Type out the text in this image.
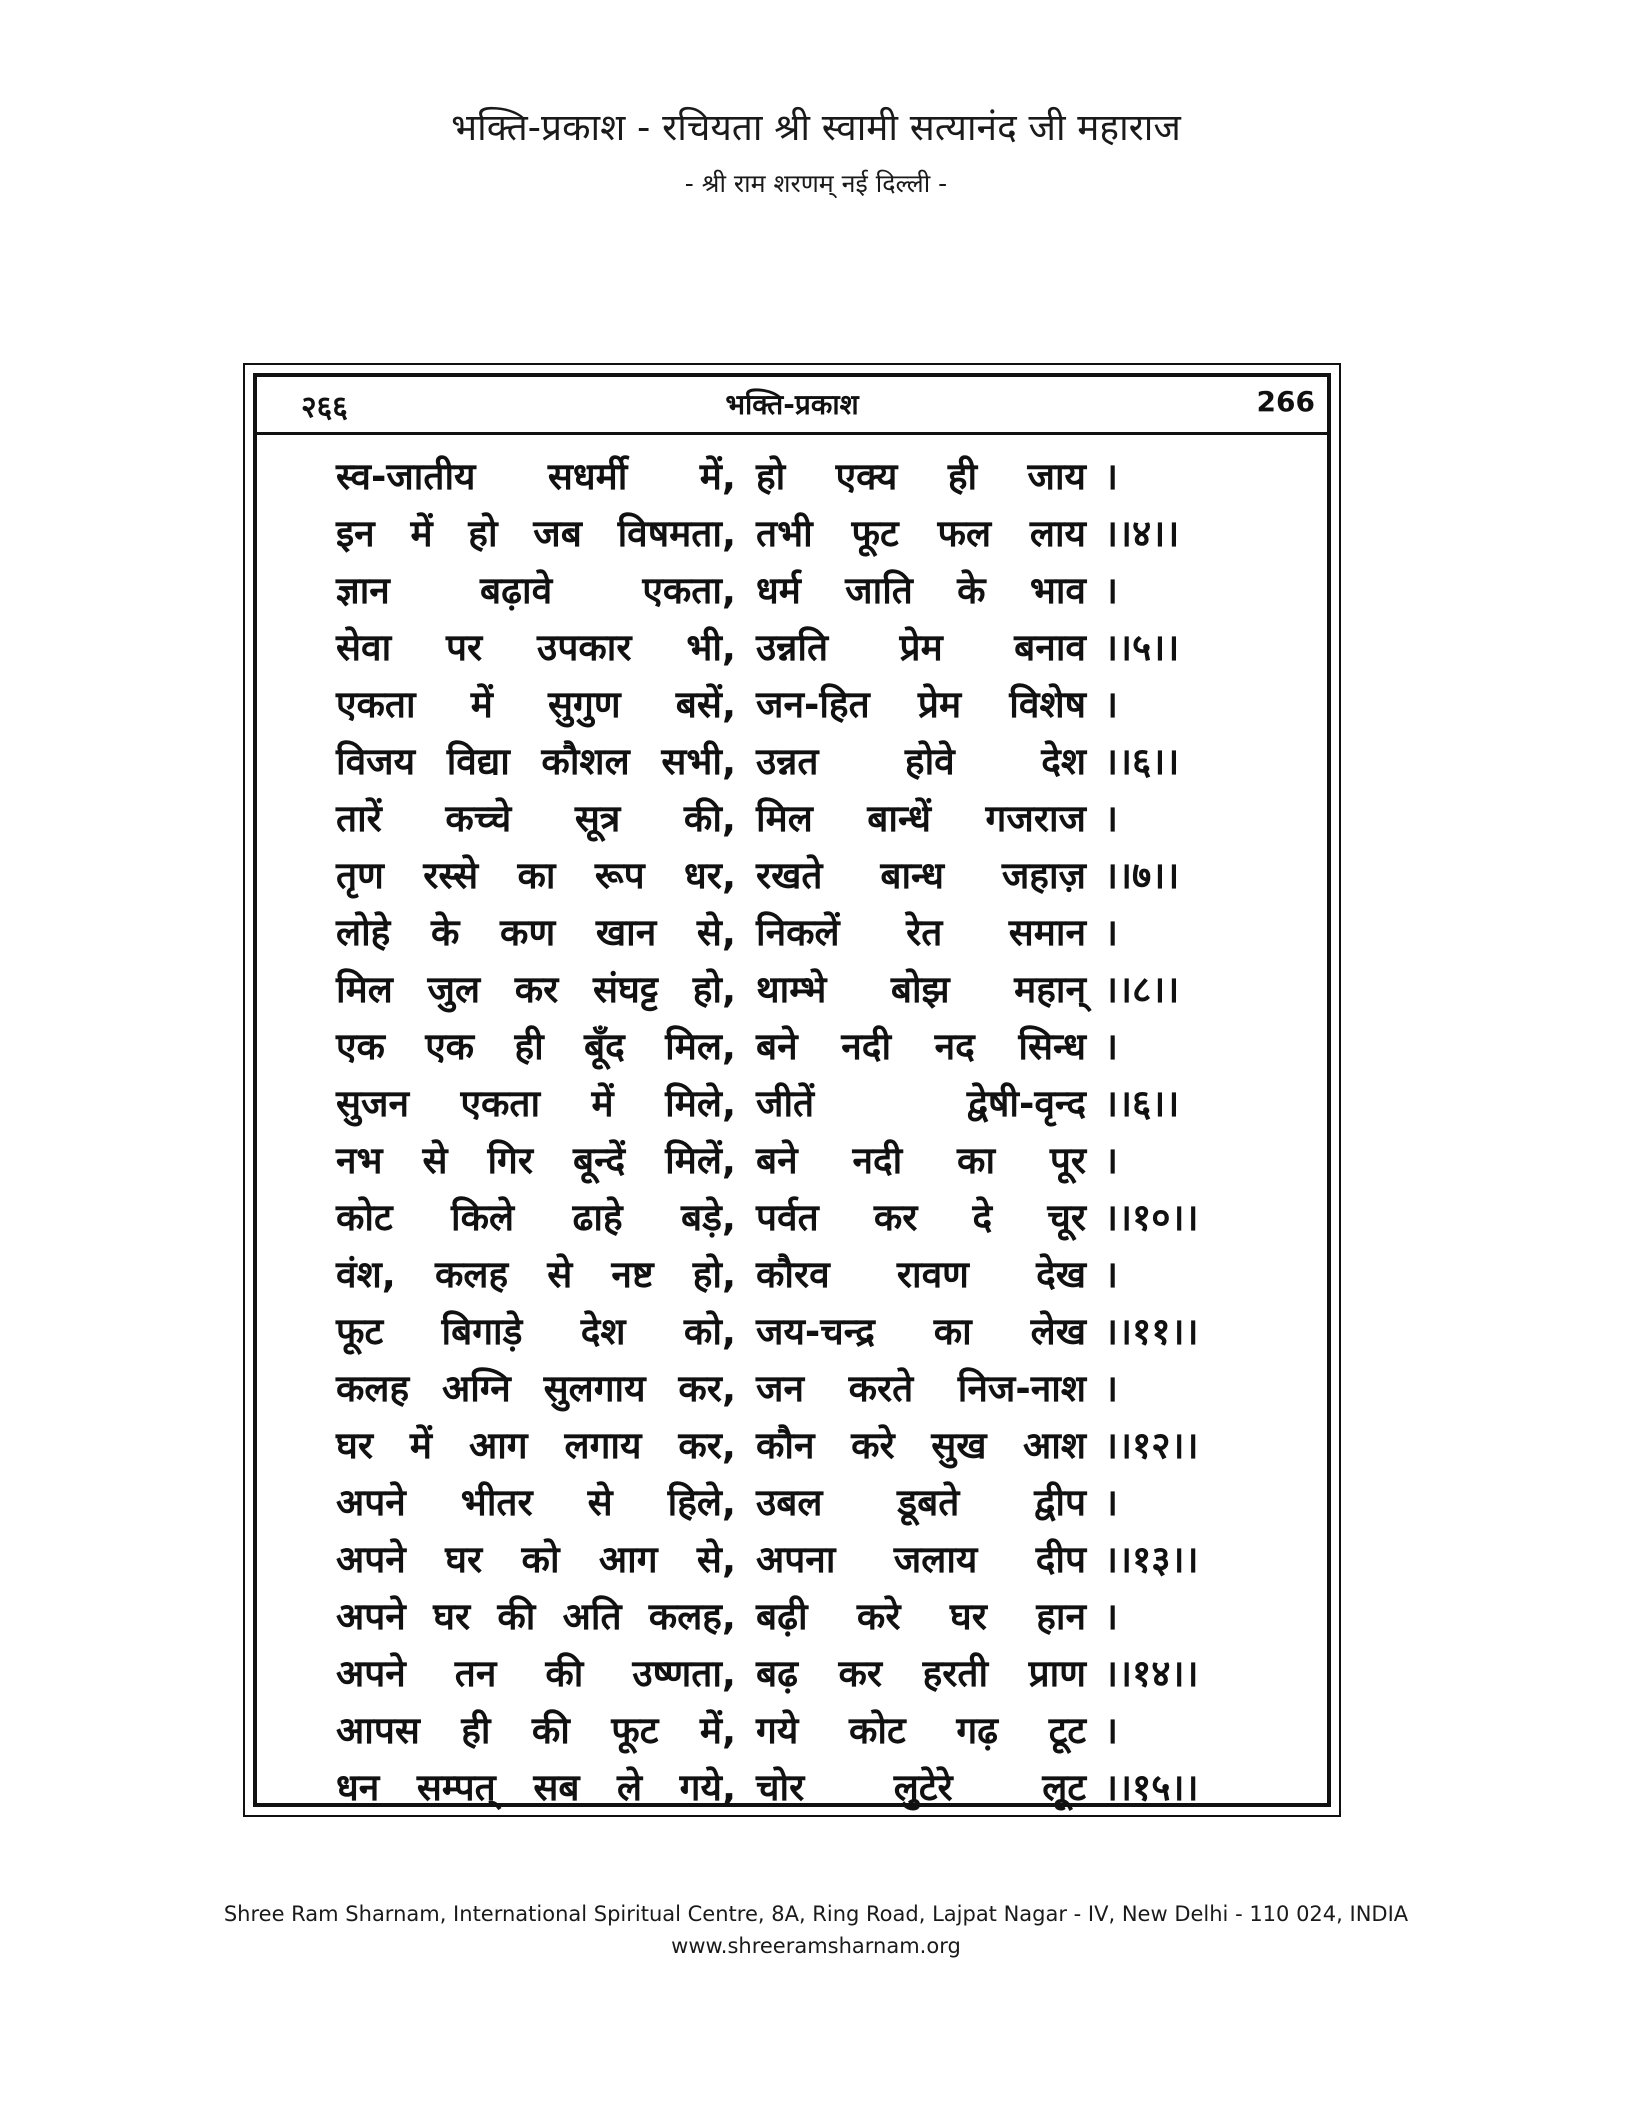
भक्ति-प्रकाश - रचियता श्री स्वामी सत्यानंद जी महाराज
- श्री राम शरणम् नई दिल्ली -
भक्ति-प्रकाश
२६६	266
स्व-जातीय सधर्मी में, हो एक्य ही जाय ।
इन में हो जब विषमता, तभी फूट फल लाय ।।४।।
ज्ञान बढ़ावे एकता, धर्म जाति के भाव ।
सेवा पर उपकार भी, उन्नति प्रेम बनाव ।।५।।
एकता में सुगुण बसें, जन-हित प्रेम विशेष ।
विजय विद्या कौशल सभी, उन्नत होवे देश ।।६।।
तारें कच्चे सूत्र की, मिल बान्धें गजराज ।
तृण रस्से का रूप धर, रखते बान्ध जहाज़ ।।७।।
लोहे के कण खान से, निकलें रेत समान ।
मिल जुल कर संघट्ट हो, थाम्भे बोझ महान् ।।८।।
एक एक ही बूँद मिल, बने नदी नद सिन्ध ।
सुजन एकता में मिले, जीतें द्वेषी-वृन्द ।।६।।
नभ से गिर बून्दें मिलें, बने नदी का पूर ।
कोट किले ढाहे बड़े, पर्वत कर दे चूर ।।१०।।
वंश, कलह से नष्ट हो, कौरव रावण देख ।
फूट बिगाड़े देश को, जय-चन्द्र का लेख ।।११।।
कलह अग्नि सुलगाय कर, जन करते निज-नाश ।
घर में आग लगाय कर, कौन करे सुख आश ।।१२।।
अपने भीतर से हिले, उबल डूबते द्वीप ।
अपने घर को आग से, अपना जलाय दीप ।।१३।।
अपने घर की अति कलह, बढ़ी करे घर हान ।
अपने तन की उष्णता, बढ़ कर हरती प्राण ।।१४।।
आपस ही की फूट में, गये कोट गढ़ टूट ।
धन सम्पत् सब ले गये, चोर लुटेरे लूट ।।१५।।
Shree Ram Sharnam, International Spiritual Centre, 8A, Ring Road, Lajpat Nagar - IV, New Delhi - 110 024, INDIA
www.shreeramsharnam.org
